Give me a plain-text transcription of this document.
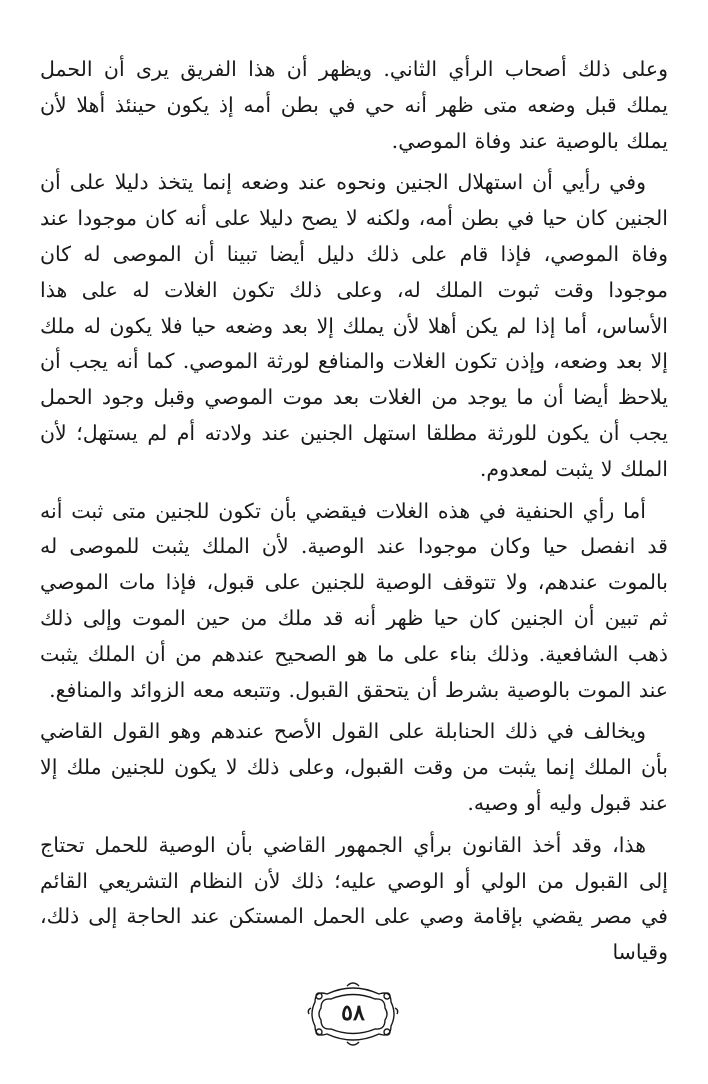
وعلى ذلك أصحاب الرأي الثاني. ويظهر أن هذا الفريق يرى أن الحمل يملك قبل وضعه متى ظهر أنه حي في بطن أمه إذ يكون حينئذ أهلا لأن يملك بالوصية عند وفاة الموصي.

وفي رأيي أن استهلال الجنين ونحوه عند وضعه إنما يتخذ دليلا على أن الجنين كان حيا في بطن أمه، ولكنه لا يصح دليلا على أنه كان موجودا عند وفاة الموصي، فإذا قام على ذلك دليل أيضا تبينا أن الموصى له كان موجودا وقت ثبوت الملك له، وعلى ذلك تكون الغلات له على هذا الأساس، أما إذا لم يكن أهلا لأن يملك إلا بعد وضعه حيا فلا يكون له ملك إلا بعد وضعه، وإذن تكون الغلات والمنافع لورثة الموصي. كما أنه يجب أن يلاحظ أيضا أن ما يوجد من الغلات بعد موت الموصي وقبل وجود الحمل يجب أن يكون للورثة مطلقا استهل الجنين عند ولادته أم لم يستهل؛ لأن الملك لا يثبت لمعدوم.

أما رأي الحنفية في هذه الغلات فيقضي بأن تكون للجنين متى ثبت أنه قد انفصل حيا وكان موجودا عند الوصية. لأن الملك يثبت للموصى له بالموت عندهم، ولا تتوقف الوصية للجنين على قبول، فإذا مات الموصي ثم تبين أن الجنين كان حيا ظهر أنه قد ملك من حين الموت وإلى ذلك ذهب الشافعية. وذلك بناء على ما هو الصحيح عندهم من أن الملك يثبت عند الموت بالوصية بشرط أن يتحقق القبول. وتتبعه معه الزوائد والمنافع.

ويخالف في ذلك الحنابلة على القول الأصح عندهم وهو القول القاضي بأن الملك إنما يثبت من وقت القبول، وعلى ذلك لا يكون للجنين ملك إلا عند قبول وليه أو وصيه.

هذا، وقد أخذ القانون برأي الجمهور القاضي بأن الوصية للحمل تحتاج إلى القبول من الولي أو الوصي عليه؛ ذلك لأن النظام التشريعي القائم في مصر يقضي بإقامة وصي على الحمل المستكن عند الحاجة إلى ذلك، وقياسا

٥٨
